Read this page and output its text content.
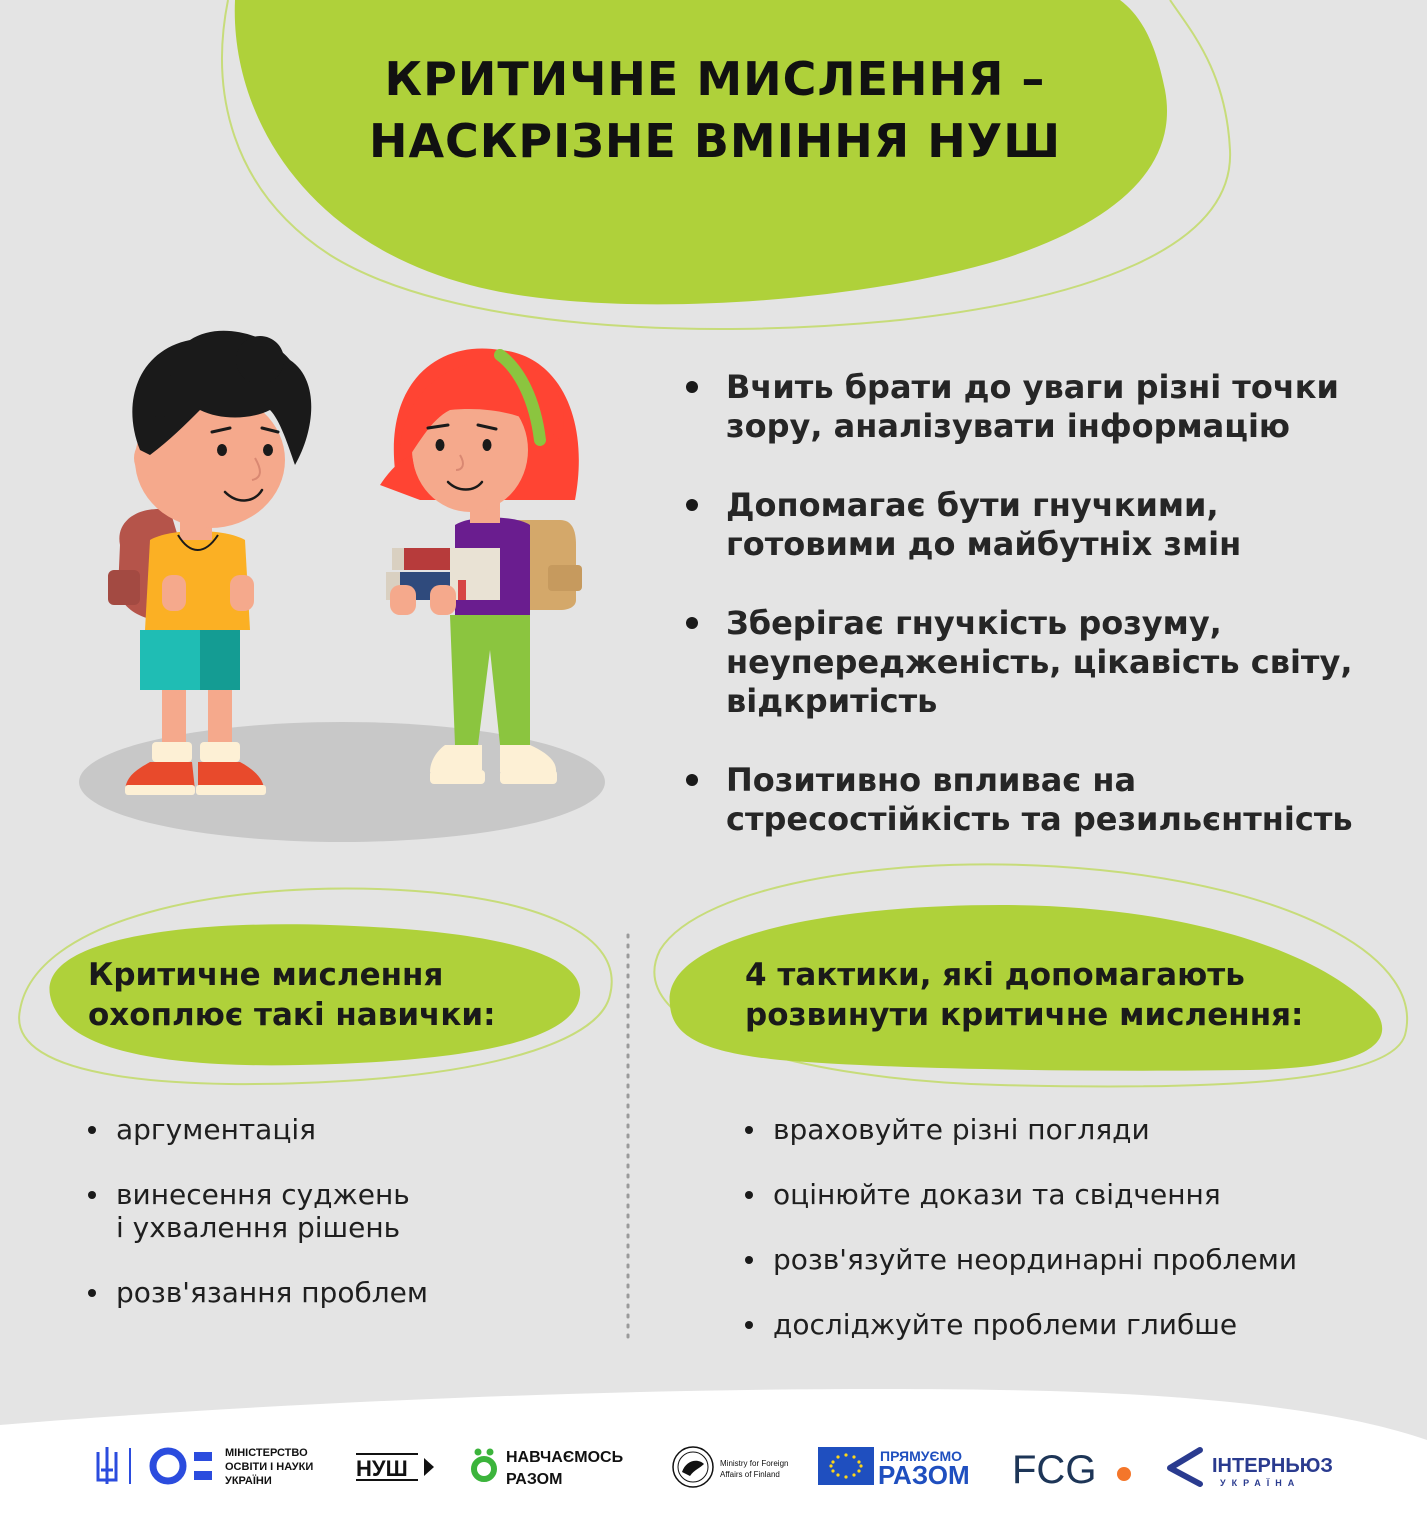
КРИТИЧНЕ МИСЛЕННЯ –
НАСКРІЗНЕ ВМІННЯ НУШ
Вчить брати до уваги різні точки зору, аналізувати інформацію
Допомагає бути гнучкими, готовими до майбутніх змін
Зберігає гнучкість розуму, неупередженість, цікавість світу, відкритість
Позитивно впливає на стресостійкість та резильєнтність
Критичне мислення
охоплює такі навички:
аргументація
винесення суджень
і ухвалення рішень
розв'язання проблем
4 тактики, які допомагають
розвинути критичне мислення:
враховуйте різні погляди
оцінюйте докази та свідчення
розв'язуйте неординарні проблеми
досліджуйте проблеми глибше
МІНІСТЕРСТВО
ОСВІТИ І НАУКИ
УКРАЇНИ	НУШ	НАВЧАЄМОСЬ
РАЗОМ
Ministry for Foreign
Affairs of Finland
ПРЯМУЄМО
РАЗОМ FCG	ІНТЕРНЬЮЗ
УКРАЇНА
